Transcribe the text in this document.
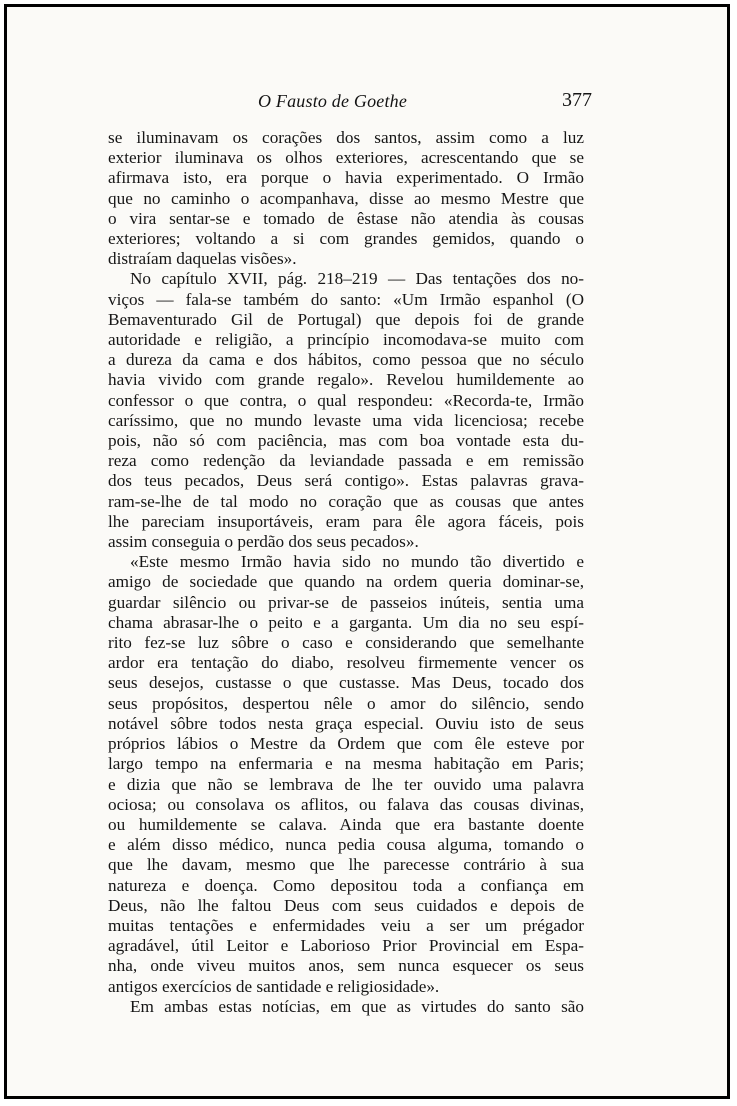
O Fausto de Goethe	377
se iluminavam os corações dos santos, assim como a luz
exterior iluminava os olhos exteriores, acrescentando que se
afirmava isto, era porque o havia experimentado. O Irmão
que no caminho o acompanhava, disse ao mesmo Mestre que
o vira sentar-se e tomado de êstase não atendia às cousas
exteriores; voltando a si com grandes gemidos, quando o
distraíam daquelas visões».
No capítulo XVII, pág. 218–219 — Das tentações dos no-
viços — fala-se também do santo: «Um Irmão espanhol (O
Bemaventurado Gil de Portugal) que depois foi de grande
autoridade e religião, a princípio incomodava-se muito com
a dureza da cama e dos hábitos, como pessoa que no século
havia vivido com grande regalo». Revelou humildemente ao
confessor o que contra, o qual respondeu: «Recorda-te, Irmão
caríssimo, que no mundo levaste uma vida licenciosa; recebe
pois, não só com paciência, mas com boa vontade esta du-
reza como redenção da leviandade passada e em remissão
dos teus pecados, Deus será contigo». Estas palavras grava-
ram-se-lhe de tal modo no coração que as cousas que antes
lhe pareciam insuportáveis, eram para êle agora fáceis, pois
assim conseguia o perdão dos seus pecados».
«Este mesmo Irmão havia sido no mundo tão divertido e
amigo de sociedade que quando na ordem queria dominar-se,
guardar silêncio ou privar-se de passeios inúteis, sentia uma
chama abrasar-lhe o peito e a garganta. Um dia no seu espí-
rito fez-se luz sôbre o caso e considerando que semelhante
ardor era tentação do diabo, resolveu firmemente vencer os
seus desejos, custasse o que custasse. Mas Deus, tocado dos
seus propósitos, despertou nêle o amor do silêncio, sendo
notável sôbre todos nesta graça especial. Ouviu isto de seus
próprios lábios o Mestre da Ordem que com êle esteve por
largo tempo na enfermaria e na mesma habitação em Paris;
e dizia que não se lembrava de lhe ter ouvido uma palavra
ociosa; ou consolava os aflitos, ou falava das cousas divinas,
ou humildemente se calava. Ainda que era bastante doente
e além disso médico, nunca pedia cousa alguma, tomando o
que lhe davam, mesmo que lhe parecesse contrário à sua
natureza e doença. Como depositou toda a confiança em
Deus, não lhe faltou Deus com seus cuidados e depois de
muitas tentações e enfermidades veiu a ser um prégador
agradável, útil Leitor e Laborioso Prior Provincial em Espa-
nha, onde viveu muitos anos, sem nunca esquecer os seus
antigos exercícios de santidade e religiosidade».
Em ambas estas notícias, em que as virtudes do santo são
